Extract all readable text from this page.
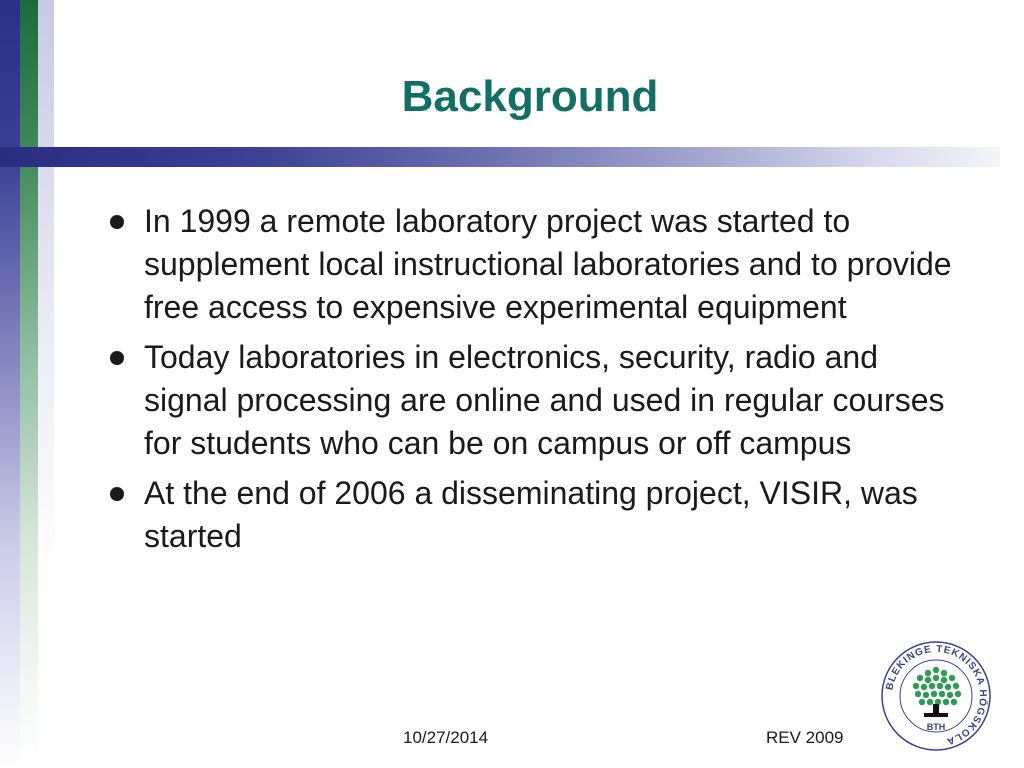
Background
In 1999 a remote laboratory project was started to supplement local instructional laboratories and to provide free access to expensive experimental equipment
Today laboratories in electronics, security, radio and signal processing are online and used in regular courses for students who can be on campus or off campus
At the end of 2006 a disseminating project, VISIR, was started
10/27/2014	REV 2009
BLEKINGE TEKNISKA HÖGSKOLA
BTH
